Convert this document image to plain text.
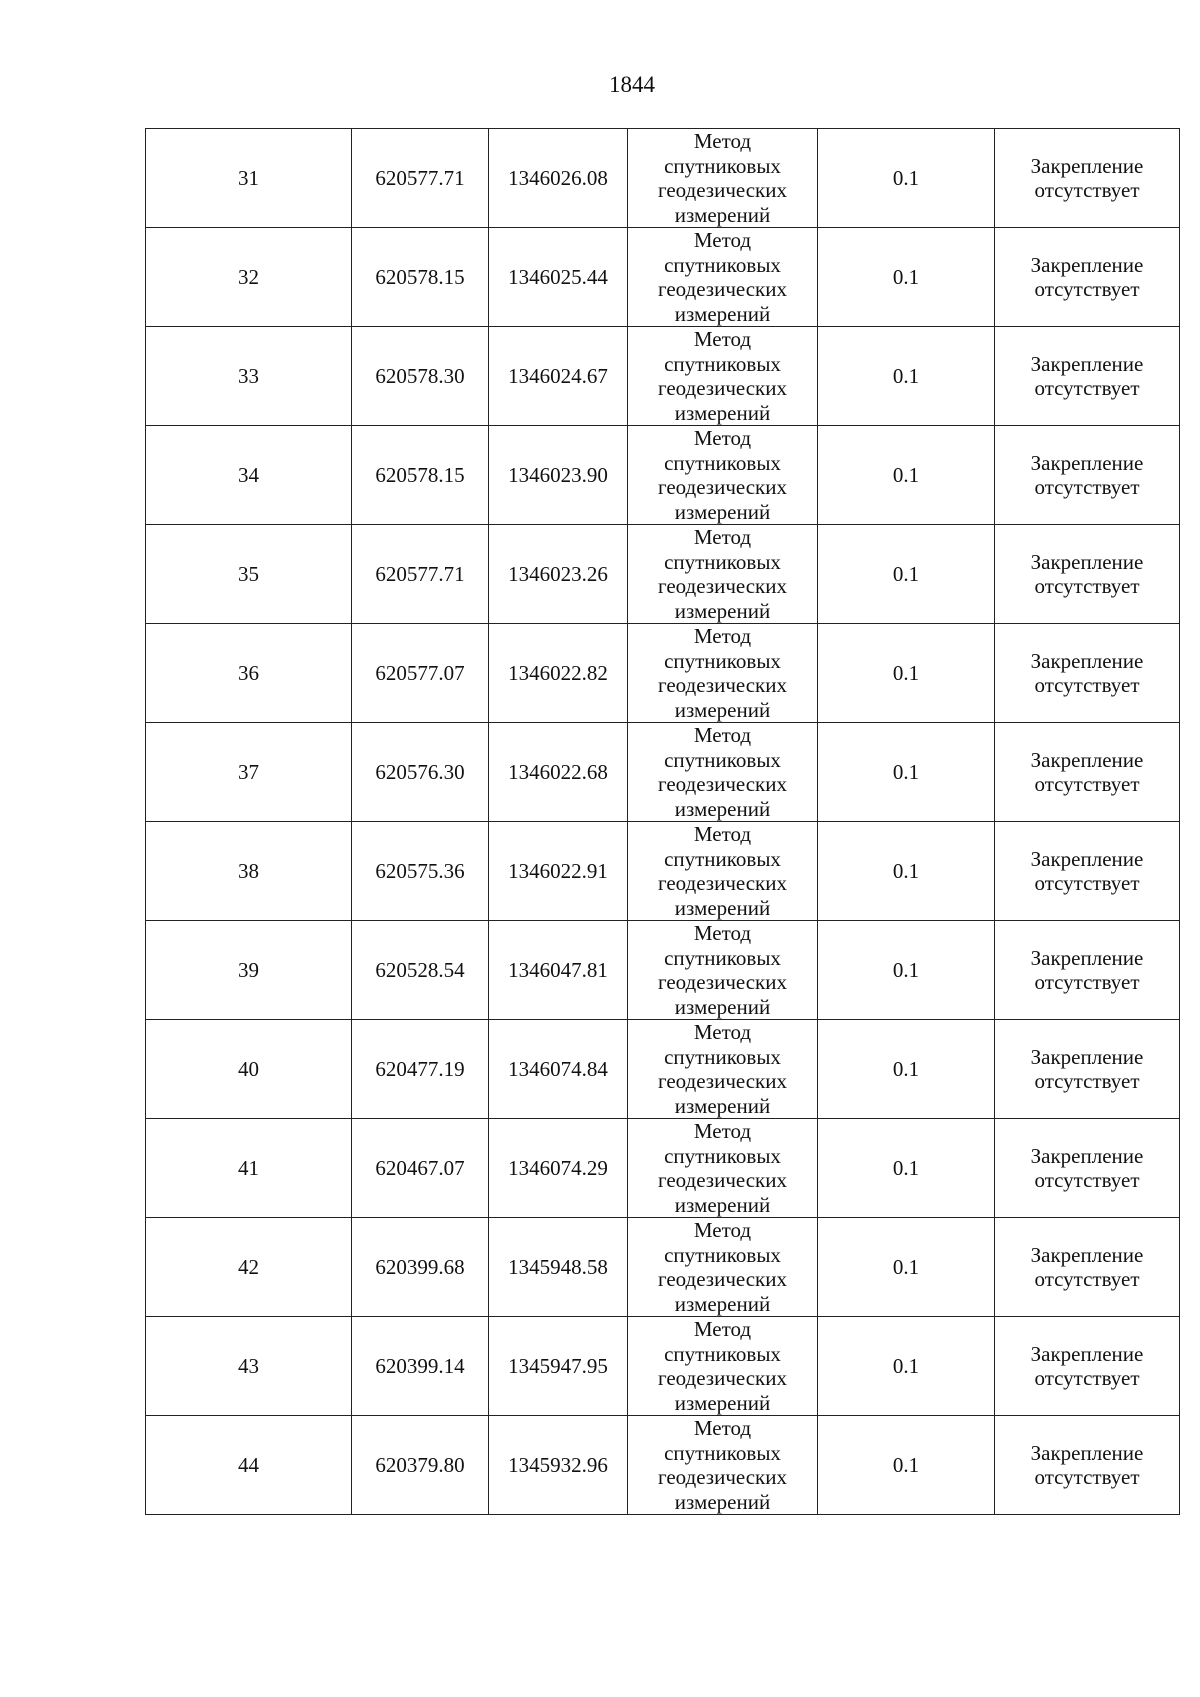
1844
31	620577.71	1346026.08	Метод
спутниковых
геодезических
измерений	0.1	Закрепление
отсутствует

32	620578.15	1346025.44	Метод
спутниковых
геодезических
измерений	0.1	Закрепление
отсутствует

33	620578.30	1346024.67	Метод
спутниковых
геодезических
измерений	0.1	Закрепление
отсутствует

34	620578.15	1346023.90	Метод
спутниковых
геодезических
измерений	0.1	Закрепление
отсутствует

35	620577.71	1346023.26	Метод
спутниковых
геодезических
измерений	0.1	Закрепление
отсутствует

36	620577.07	1346022.82	Метод
спутниковых
геодезических
измерений	0.1	Закрепление
отсутствует

37	620576.30	1346022.68	Метод
спутниковых
геодезических
измерений	0.1	Закрепление
отсутствует

38	620575.36	1346022.91	Метод
спутниковых
геодезических
измерений	0.1	Закрепление
отсутствует

39	620528.54	1346047.81	Метод
спутниковых
геодезических
измерений	0.1	Закрепление
отсутствует

40	620477.19	1346074.84	Метод
спутниковых
геодезических
измерений	0.1	Закрепление
отсутствует

41	620467.07	1346074.29	Метод
спутниковых
геодезических
измерений	0.1	Закрепление
отсутствует

42	620399.68	1345948.58	Метод
спутниковых
геодезических
измерений	0.1	Закрепление
отсутствует

43	620399.14	1345947.95	Метод
спутниковых
геодезических
измерений	0.1	Закрепление
отсутствует

44	620379.80	1345932.96	Метод
спутниковых
геодезических
измерений	0.1	Закрепление
отсутствует
